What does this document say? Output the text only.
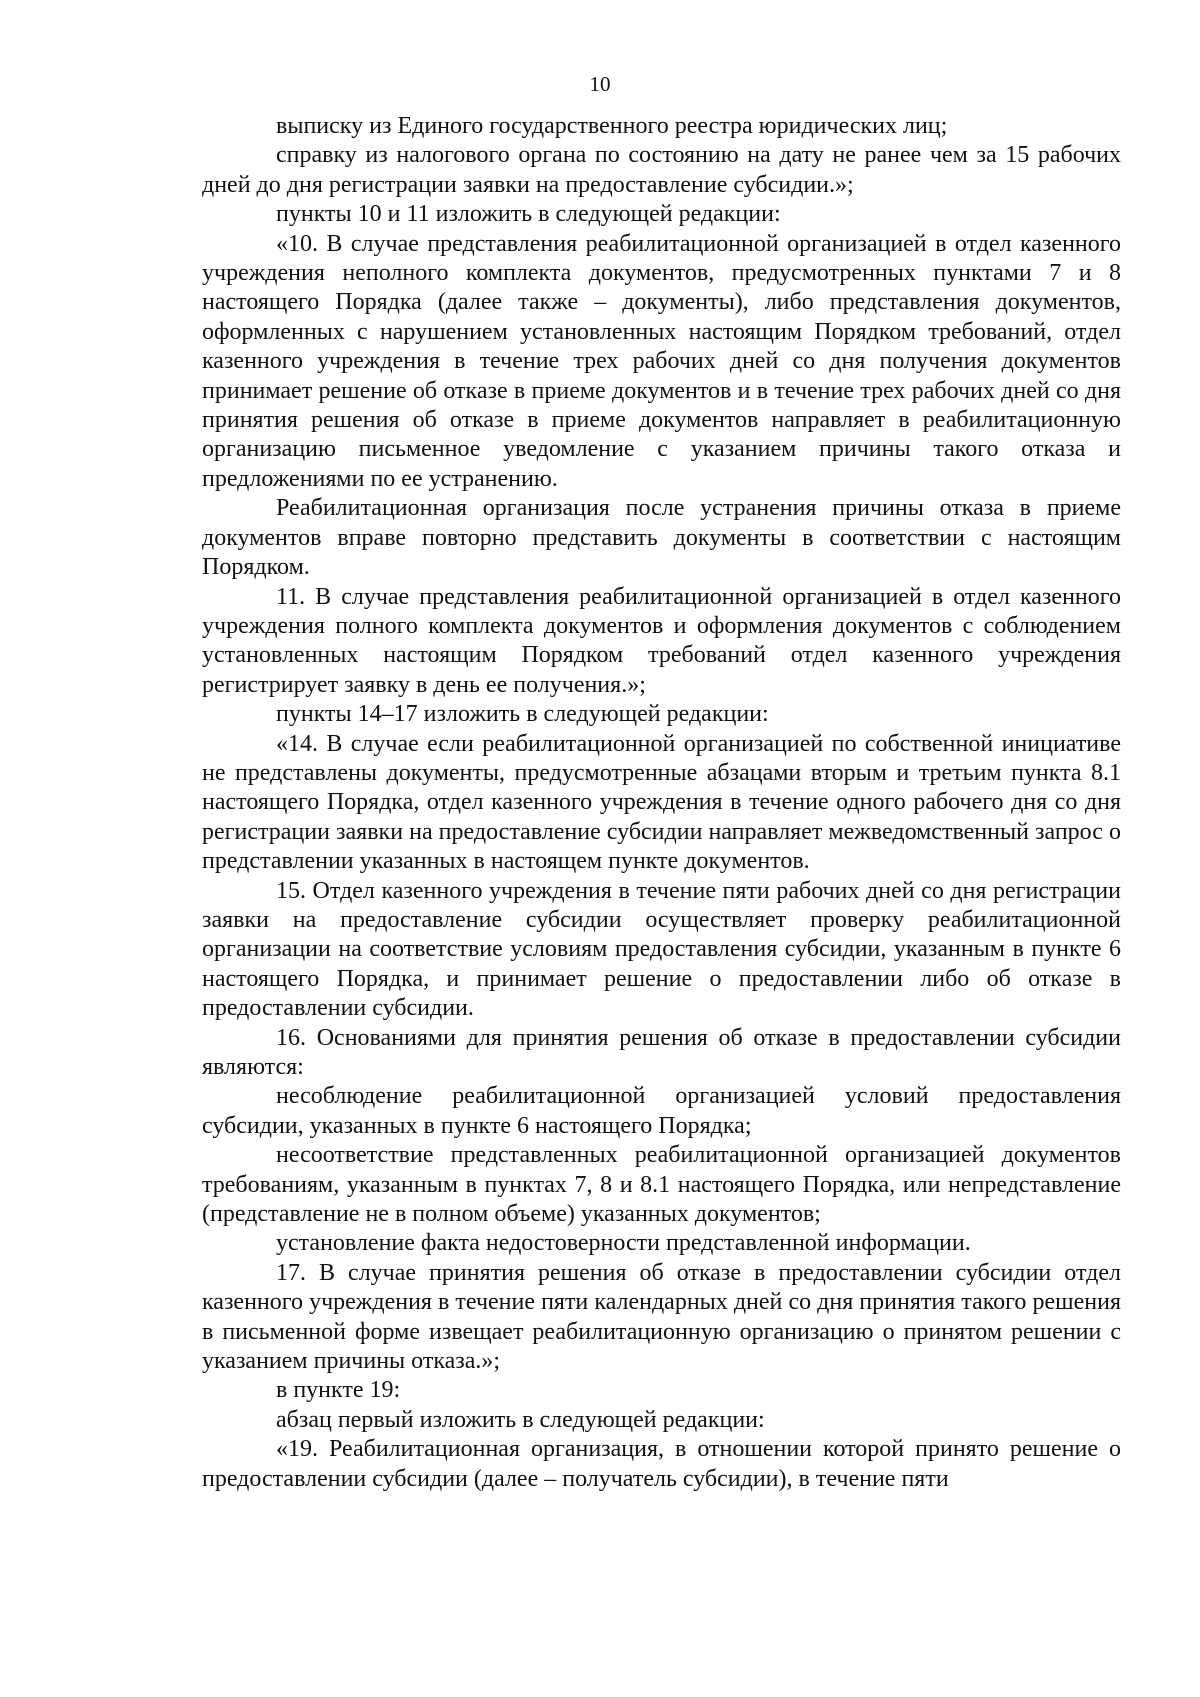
10

выписку из Единого государственного реестра юридических лиц;

справку из налогового органа по состоянию на дату не ранее чем за 15 рабочих дней до дня регистрации заявки на предоставление субсидии.»;

пункты 10 и 11 изложить в следующей редакции:

«10. В случае представления реабилитационной организацией в отдел казенного учреждения неполного комплекта документов, предусмотренных пунктами 7 и 8 настоящего Порядка (далее также – документы), либо представления документов, оформленных с нарушением установленных настоящим Порядком требований, отдел казенного учреждения в течение трех рабочих дней со дня получения документов принимает решение об отказе в приеме документов и в течение трех рабочих дней со дня принятия решения об отказе в приеме документов направляет в реабилитационную организацию письменное уведомление с указанием причины такого отказа и предложениями по ее устранению.

Реабилитационная организация после устранения причины отказа в приеме документов вправе повторно представить документы в соответствии с настоящим Порядком.

11. В случае представления реабилитационной организацией в отдел казенного учреждения полного комплекта документов и оформления документов с соблюдением установленных настоящим Порядком требований отдел казенного учреждения регистрирует заявку в день ее получения.»;

пункты 14–17 изложить в следующей редакции:

«14. В случае если реабилитационной организацией по собственной инициативе не представлены документы, предусмотренные абзацами вторым и третьим пункта 8.1 настоящего Порядка, отдел казенного учреждения в течение одного рабочего дня со дня регистрации заявки на предоставление субсидии направляет межведомственный запрос о представлении указанных в настоящем пункте документов.

15. Отдел казенного учреждения в течение пяти рабочих дней со дня регистрации заявки на предоставление субсидии осуществляет проверку реабилитационной организации на соответствие условиям предоставления субсидии, указанным в пункте 6 настоящего Порядка, и принимает решение о предоставлении либо об отказе в предоставлении субсидии.

16. Основаниями для принятия решения об отказе в предоставлении субсидии являются:

несоблюдение реабилитационной организацией условий предоставления субсидии, указанных в пункте 6 настоящего Порядка;

несоответствие представленных реабилитационной организацией документов требованиям, указанным в пунктах 7, 8 и 8.1 настоящего Порядка, или непредставление (представление не в полном объеме) указанных документов;

установление факта недостоверности представленной информации.

17. В случае принятия решения об отказе в предоставлении субсидии отдел казенного учреждения в течение пяти календарных дней со дня принятия такого решения в письменной форме извещает реабилитационную организацию о принятом решении с указанием причины отказа.»;

в пункте 19:

абзац первый изложить в следующей редакции:

«19. Реабилитационная организация, в отношении которой принято решение о предоставлении субсидии (далее – получатель субсидии), в течение пяти
